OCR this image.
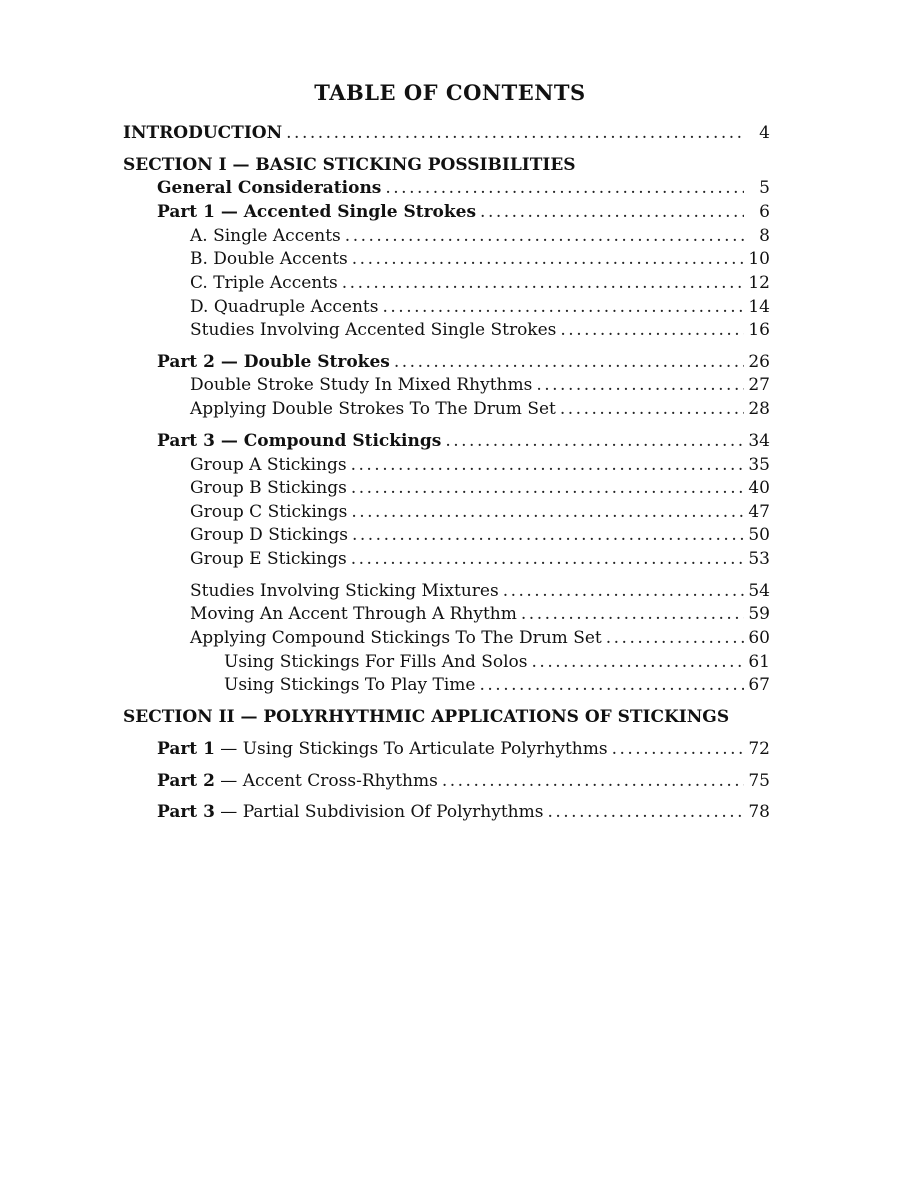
TABLE OF CONTENTS
INTRODUCTION .....	4
SECTION I — BASIC STICKING POSSIBILITIES
General Considerations .....	5
Part 1 — Accented Single Strokes .....	6
A. Single Accents .....	8
B. Double Accents .....	10
C. Triple Accents .....	12
D. Quadruple Accents .....	14
Studies Involving Accented Single Strokes .....	16
Part 2 — Double Strokes .....	26
Double Stroke Study In Mixed Rhythms .....	27
Applying Double Strokes To The Drum Set .....	28
Part 3 — Compound Stickings .....	34
Group A Stickings .....	35
Group B Stickings .....	40
Group C Stickings .....	47
Group D Stickings .....	50
Group E Stickings .....	53
Studies Involving Sticking Mixtures .....	54
Moving An Accent Through A Rhythm .....	59
Applying Compound Stickings To The Drum Set .....	60
Using Stickings For Fills And Solos .....	61
Using Stickings To Play Time .....	67
SECTION II — POLYRHYTHMIC APPLICATIONS OF STICKINGS
Part 1 — Using Stickings To Articulate Polyrhythms .....	72
Part 2 — Accent Cross-Rhythms .....	75
Part 3 — Partial Subdivision Of Polyrhythms .....	78
